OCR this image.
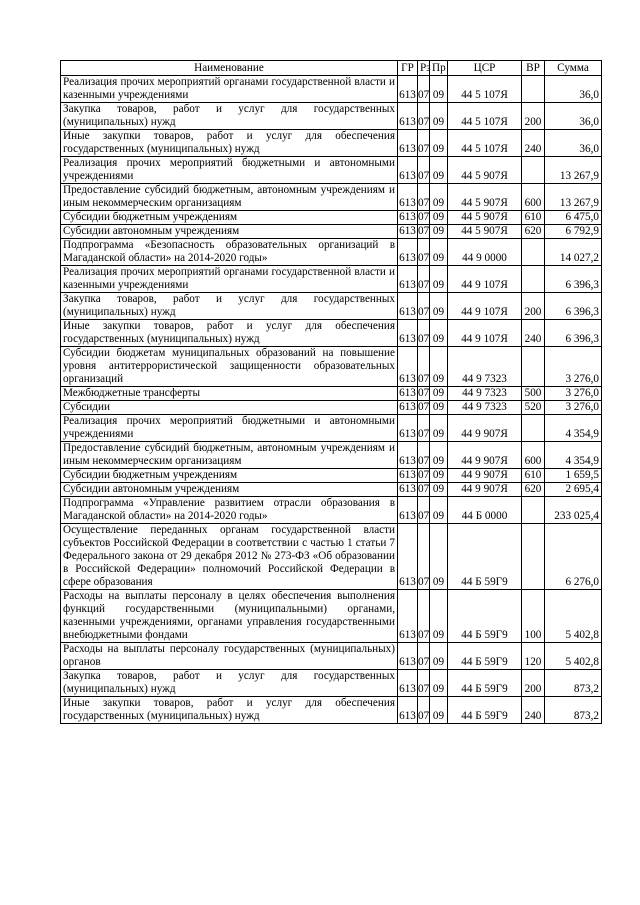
Наименование	ГР	Рз	Пр	ЦСР	ВР	Сумма
Реализация прочих мероприятий органами государственной власти и казенными учреждениями	613	07	09	44 5 107Я		36,0
Закупка товаров, работ и услуг для государственных (муниципальных) нужд	613	07	09	44 5 107Я	200	36,0
Иные закупки товаров, работ и услуг для обеспечения государственных (муниципальных) нужд	613	07	09	44 5 107Я	240	36,0
Реализация прочих мероприятий бюджетными и автономными учреждениями	613	07	09	44 5 907Я		13 267,9
Предоставление субсидий бюджетным, автономным учреждениям и иным некоммерческим организациям	613	07	09	44 5 907Я	600	13 267,9
Субсидии бюджетным учреждениям	613	07	09	44 5 907Я	610	6 475,0
Субсидии автономным учреждениям	613	07	09	44 5 907Я	620	6 792,9
Подпрограмма «Безопасность образовательных организаций в Магаданской области» на 2014-2020 годы»	613	07	09	44 9 0000		14 027,2
Реализация прочих мероприятий органами государственной власти и казенными учреждениями	613	07	09	44 9 107Я		6 396,3
Закупка товаров, работ и услуг для государственных (муниципальных) нужд	613	07	09	44 9 107Я	200	6 396,3
Иные закупки товаров, работ и услуг для обеспечения государственных (муниципальных) нужд	613	07	09	44 9 107Я	240	6 396,3
Субсидии бюджетам муниципальных образований на повышение уровня антитеррористической защищенности образовательных организаций	613	07	09	44 9 7323		3 276,0
Межбюджетные трансферты	613	07	09	44 9 7323	500	3 276,0
Субсидии	613	07	09	44 9 7323	520	3 276,0
Реализация прочих мероприятий бюджетными и автономными учреждениями	613	07	09	44 9 907Я		4 354,9
Предоставление субсидий бюджетным, автономным учреждениям и иным некоммерческим организациям	613	07	09	44 9 907Я	600	4 354,9
Субсидии бюджетным учреждениям	613	07	09	44 9 907Я	610	1 659,5
Субсидии автономным учреждениям	613	07	09	44 9 907Я	620	2 695,4
Подпрограмма «Управление развитием отрасли образования в Магаданской области» на 2014-2020 годы»	613	07	09	44 Б 0000		233 025,4
Осуществление переданных органам государственной власти субъектов Российской Федерации в соответствии с частью 1 статьи 7 Федерального закона от 29 декабря 2012 № 273-ФЗ «Об образовании в Российской Федерации» полномочий Российской Федерации в сфере образования	613	07	09	44 Б 59Г9		6 276,0
Расходы на выплаты персоналу в целях обеспечения выполнения функций государственными (муниципальными) органами, казенными учреждениями, органами управления государственными внебюджетными фондами	613	07	09	44 Б 59Г9	100	5 402,8
Расходы на выплаты персоналу государственных (муниципальных) органов	613	07	09	44 Б 59Г9	120	5 402,8
Закупка товаров, работ и услуг для государственных (муниципальных) нужд	613	07	09	44 Б 59Г9	200	873,2
Иные закупки товаров, работ и услуг для обеспечения государственных (муниципальных) нужд	613	07	09	44 Б 59Г9	240	873,2
